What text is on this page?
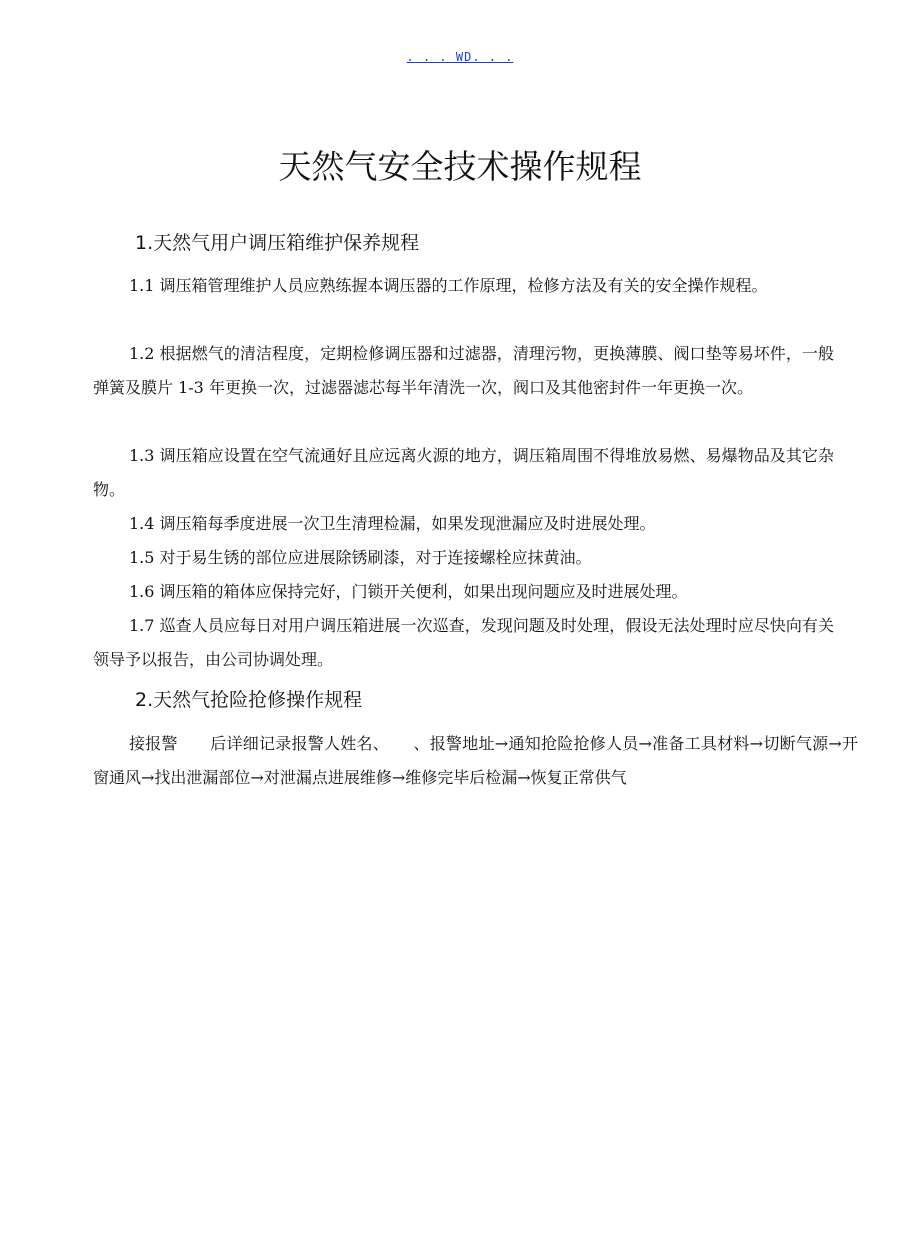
. . . WD. . .
天然气安全技术操作规程
1.天然气用户调压箱维护保养规程

1.1 调压箱管理维护人员应熟练握本调压器的工作原理，检修方法及有关的安全操作规程。

1.2 根据燃气的清洁程度，定期检修调压器和过滤器，清理污物，更换薄膜、阀口垫等易坏件，一般弹簧及膜片 1-3 年更换一次，过滤器滤芯每半年清洗一次，阀口及其他密封件一年更换一次。

1.3 调压箱应设置在空气流通好且应远离火源的地方，调压箱周围不得堆放易燃、易爆物品及其它杂物。

1.4 调压箱每季度进展一次卫生清理检漏，如果发现泄漏应及时进展处理。

1.5 对于易生锈的部位应进展除锈刷漆，对于连接螺栓应抹黄油。

1.6 调压箱的箱体应保持完好，门锁开关便利，如果出现问题应及时进展处理。

1.7 巡查人员应每日对用户调压箱进展一次巡查，发现问题及时处理，假设无法处理时应尽快向有关领导予以报告，由公司协调处理。

2.天然气抢险抢修操作规程

接报警　　后详细记录报警人姓名、　　、报警地址→通知抢险抢修人员→准备工具材料→切断气源→开窗通风→找出泄漏部位→对泄漏点进展维修→维修完毕后检漏→恢复正常供气
